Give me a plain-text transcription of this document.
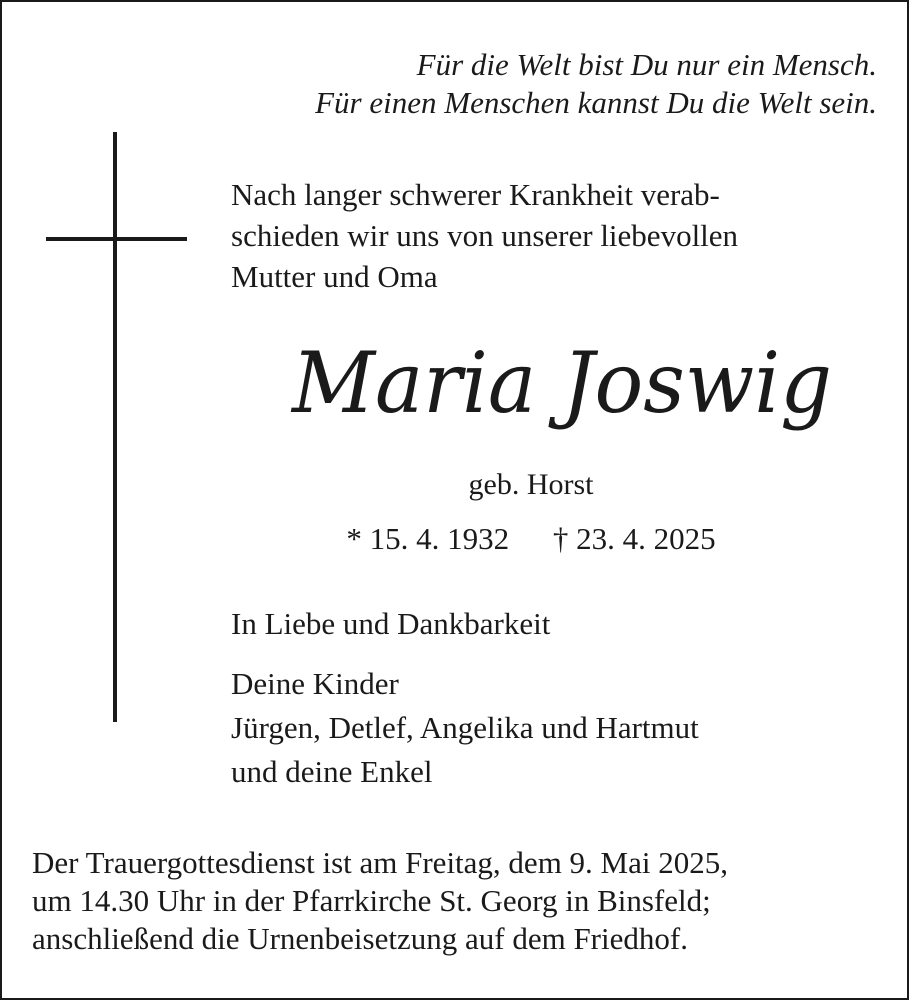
Für die Welt bist Du nur ein Mensch.
Für einen Menschen kannst Du die Welt sein.
Nach langer schwerer Krankheit verab-
schieden wir uns von unserer liebevollen
Mutter und Oma
Maria Joswig
geb. Horst
* 15. 4. 1932 † 23. 4. 2025
In Liebe und Dankbarkeit
Deine Kinder
Jürgen, Detlef, Angelika und Hartmut
und deine Enkel
Der Trauergottesdienst ist am Freitag, dem 9. Mai 2025,
um 14.30 Uhr in der Pfarrkirche St. Georg in Binsfeld;
anschließend die Urnenbeisetzung auf dem Friedhof.
